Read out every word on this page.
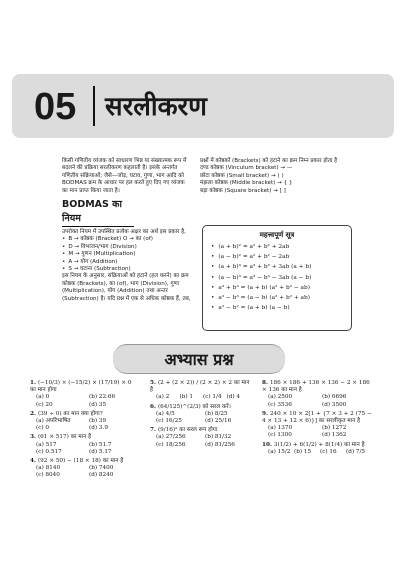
05 सरलीकरण

किसी गणितीय व्यंजक को साधारण भिन्न या संख्यात्मक रूप में बदलने की प्रक्रिया सरलीकरण कहलाती है। इसके अन्तर्गत गणितीय संक्रियाओं; जैसे—जोड़, घटाव, गुणा, भाग आदि को BODMAS क्रम के आधार पर हल करते हुए दिए गए व्यंजक का मान प्राप्त किया जाता है।

BODMAS का नियम

उपरोक्त नियम में उपस्थित प्रत्येक अक्षर का अर्थ इस प्रकार है,

• B → कोष्ठक (Bracket) O → का (of)

• D → विभाजन/भाग (Division)

• M → गुणन (Multiplication)

• A → योग (Addition)

• S → घटाना (Subtraction)

इस नियम के अनुसार, संक्रियाओं को हटाने (हल करने) का क्रम कोष्ठक (Brackets), का (of), भाग (Division), गुणा (Multiplication), योग (Addition) तथा अन्तर (Subtraction) है। यदि प्रश्न में एक से अधिक कोष्ठक हैं, तब,

प्रश्नों में कोष्ठकों (Brackets) को हटाने का क्रम निम्न प्रकार होता है

दण्ड कोष्ठक (Vinculum bracket) → —

छोटा कोष्ठक (Small bracket) → ( )

मंझला कोष्ठक (Middle bracket) → { }

बड़ा कोष्ठक (Square bracket) → [ ]

महत्त्वपूर्ण सूत्र
• (a + b)² = a² + b² + 2ab
• (a − b)² = a² + b² − 2ab
• (a + b)³ = a³ + b³ + 3ab (a + b)
• (a − b)³ = a³ − b³ − 3ab (a − b)
• a³ + b³ = (a + b) (a² + b² − ab)
• a³ − b³ = (a − b) (a² + b² + ab)
• a² − b² = (a + b) (a − b)
अभ्यास प्रश्न
1. (−10/3) × (−15/2) × (17/19) × 0 का मान होगा
(a) 0	(b) 22.66
(c) 20	(d) 35
2. (39 ÷ 0) का मान क्या होगा?
(a) अपरिभाषित	(b) 39
(c) 0	(d) 3.9
3. (61 × 517) का मान है
(a) 517	(b) 51.7
(c) 0.517	(d) 5.17
4. (92 × 50) − (18 × 18) का मान है
(a) 8140	(b) 7400
(c) 8040	(d) 8240
5. (2 + (2 × 2)) / (2 × 2) × 2 का मान है
(a) 2	(b) 1	(c) 1/4 (d) 4
6. (64/125)^(2/3) को सरल करें।
(a) 4/5	(b) 8/25
(c) 16/25	(d) 25/16
7. (9/16)² का सरल रूप होगा
(a) 27/256	(b) 81/32
(c) 18/256	(d) 81/256
8. 186 × 186 + 136 × 136 − 2 × 186 × 136 का मान है
(a) 2500	(b) 6696
(c) 3536	(d) 3500
9. 240 × 10 × 2[1 + {7 × 3 + 2 (75 − 4 × 13 + 12 × 6)}] का सरलीकृत मान है
(a) 1370	(b) 1272
(c) 1300	(d) 1362
10. 3(1/2) + 6(1/2) + 8(1/4) का मान है
(a) 15/2 (b) 15	(c) 16	(d) 7/5
